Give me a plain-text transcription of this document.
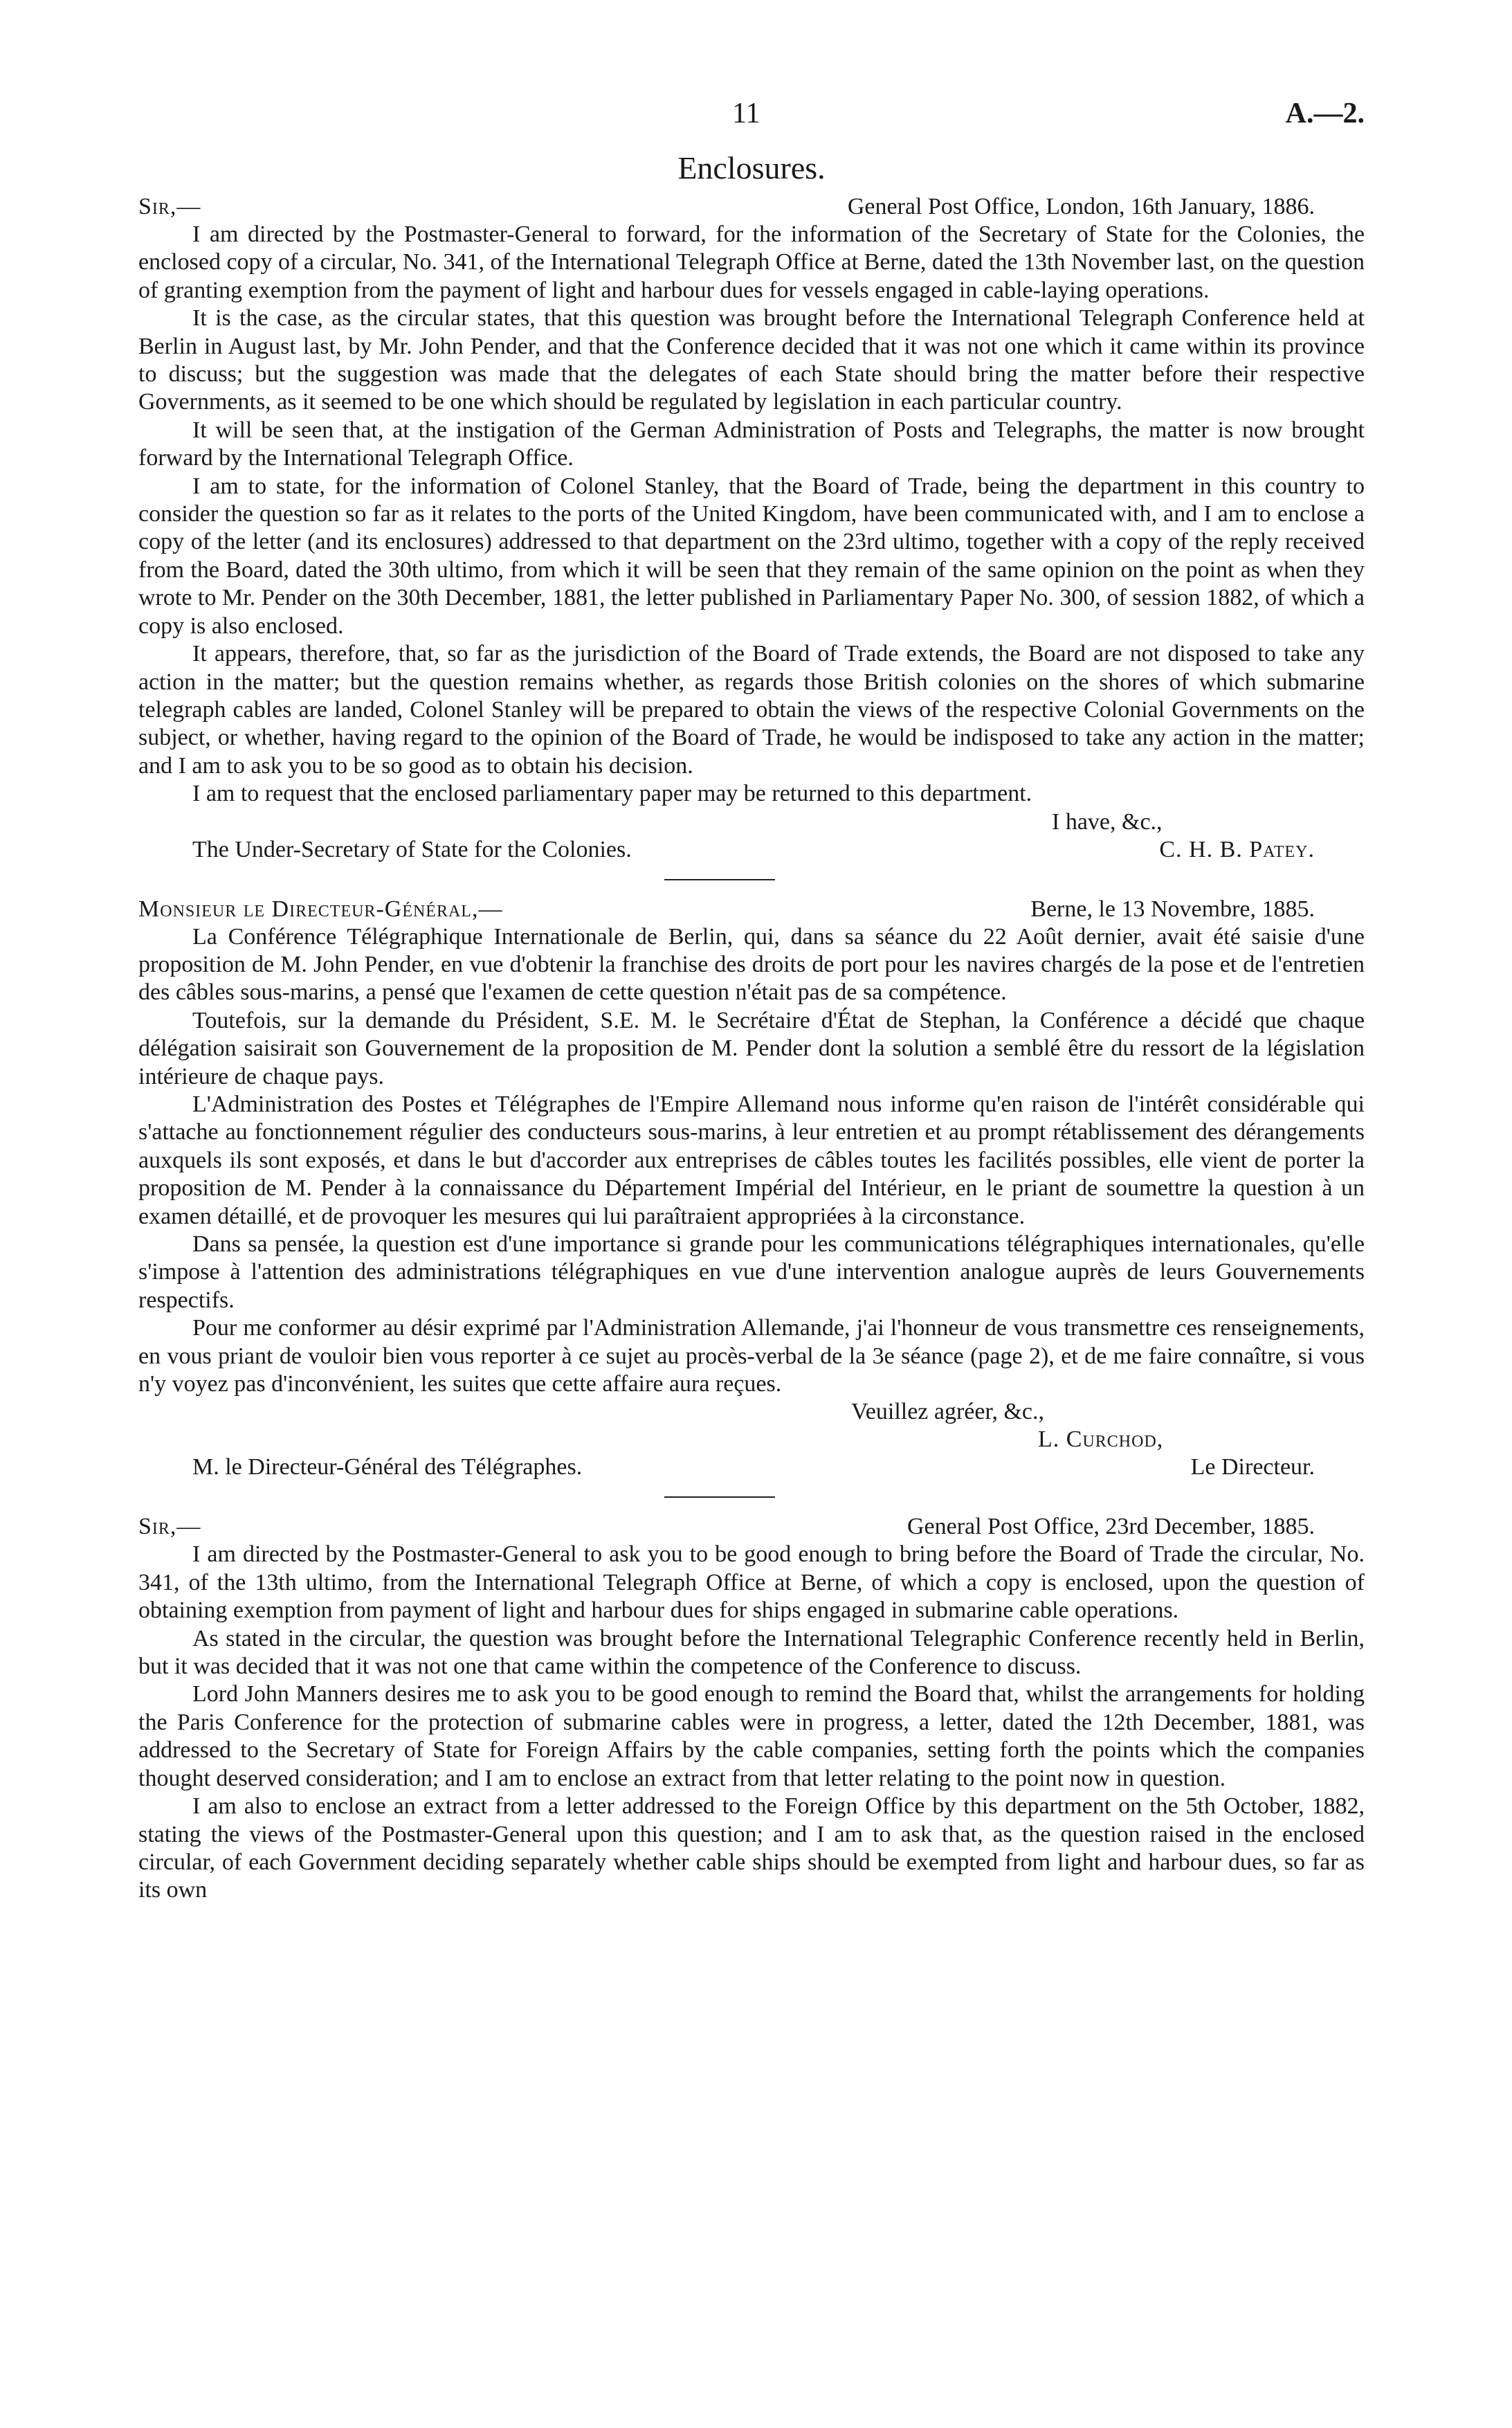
11	A.—2.
Enclosures.
Sir,—	General Post Office, London, 16th January, 1886.

I am directed by the Postmaster-General to forward, for the information of the Secretary of State for the Colonies, the enclosed copy of a circular, No. 341, of the International Telegraph Office at Berne, dated the 13th November last, on the question of granting exemption from the payment of light and harbour dues for vessels engaged in cable-laying operations.

It is the case, as the circular states, that this question was brought before the International Telegraph Conference held at Berlin in August last, by Mr. John Pender, and that the Conference decided that it was not one which it came within its province to discuss; but the suggestion was made that the delegates of each State should bring the matter before their respective Governments, as it seemed to be one which should be regulated by legislation in each particular country.

It will be seen that, at the instigation of the German Administration of Posts and Telegraphs, the matter is now brought forward by the International Telegraph Office.

I am to state, for the information of Colonel Stanley, that the Board of Trade, being the department in this country to consider the question so far as it relates to the ports of the United Kingdom, have been communicated with, and I am to enclose a copy of the letter (and its enclosures) addressed to that department on the 23rd ultimo, together with a copy of the reply received from the Board, dated the 30th ultimo, from which it will be seen that they remain of the same opinion on the point as when they wrote to Mr. Pender on the 30th December, 1881, the letter published in Parliamentary Paper No. 300, of session 1882, of which a copy is also enclosed.

It appears, therefore, that, so far as the jurisdiction of the Board of Trade extends, the Board are not disposed to take any action in the matter; but the question remains whether, as regards those British colonies on the shores of which submarine telegraph cables are landed, Colonel Stanley will be prepared to obtain the views of the respective Colonial Governments on the subject, or whether, having regard to the opinion of the Board of Trade, he would be indisposed to take any action in the matter; and I am to ask you to be so good as to obtain his decision.

I am to request that the enclosed parliamentary paper may be returned to this department.

I have, &c.,
The Under-Secretary of State for the Colonies.	C. H. B. Patey.
Monsieur le Directeur-Général,—	Berne, le 13 Novembre, 1885.

La Conférence Télégraphique Internationale de Berlin, qui, dans sa séance du 22 Août dernier, avait été saisie d'une proposition de M. John Pender, en vue d'obtenir la franchise des droits de port pour les navires chargés de la pose et de l'entretien des câbles sous-marins, a pensé que l'examen de cette question n'était pas de sa compétence.

Toutefois, sur la demande du Président, S.E. M. le Secrétaire d'État de Stephan, la Conférence a décidé que chaque délégation saisirait son Gouvernement de la proposition de M. Pender dont la solution a semblé être du ressort de la législation intérieure de chaque pays.

L'Administration des Postes et Télégraphes de l'Empire Allemand nous informe qu'en raison de l'intérêt considérable qui s'attache au fonctionnement régulier des conducteurs sous-marins, à leur entretien et au prompt rétablissement des dérangements auxquels ils sont exposés, et dans le but d'accorder aux entreprises de câbles toutes les facilités possibles, elle vient de porter la proposition de M. Pender à la connaissance du Département Impérial del Intérieur, en le priant de soumettre la question à un examen détaillé, et de provoquer les mesures qui lui paraîtraient appropriées à la circonstance.

Dans sa pensée, la question est d'une importance si grande pour les communications télégraphiques internationales, qu'elle s'impose à l'attention des administrations télégraphiques en vue d'une intervention analogue auprès de leurs Gouvernements respectifs.

Pour me conformer au désir exprimé par l'Administration Allemande, j'ai l'honneur de vous transmettre ces renseignements, en vous priant de vouloir bien vous reporter à ce sujet au procès-verbal de la 3e séance (page 2), et de me faire connaître, si vous n'y voyez pas d'inconvénient, les suites que cette affaire aura reçues.

Veuillez agréer, &c.,
L. Curchod,
M. le Directeur-Général des Télégraphes.	Le Directeur.
Sir,—	General Post Office, 23rd December, 1885.

I am directed by the Postmaster-General to ask you to be good enough to bring before the Board of Trade the circular, No. 341, of the 13th ultimo, from the International Telegraph Office at Berne, of which a copy is enclosed, upon the question of obtaining exemption from payment of light and harbour dues for ships engaged in submarine cable operations.

As stated in the circular, the question was brought before the International Telegraphic Conference recently held in Berlin, but it was decided that it was not one that came within the competence of the Conference to discuss.

Lord John Manners desires me to ask you to be good enough to remind the Board that, whilst the arrangements for holding the Paris Conference for the protection of submarine cables were in progress, a letter, dated the 12th December, 1881, was addressed to the Secretary of State for Foreign Affairs by the cable companies, setting forth the points which the companies thought deserved consideration; and I am to enclose an extract from that letter relating to the point now in question.

I am also to enclose an extract from a letter addressed to the Foreign Office by this department on the 5th October, 1882, stating the views of the Postmaster-General upon this question; and I am to ask that, as the question raised in the enclosed circular, of each Government deciding separately whether cable ships should be exempted from light and harbour dues, so far as its own
